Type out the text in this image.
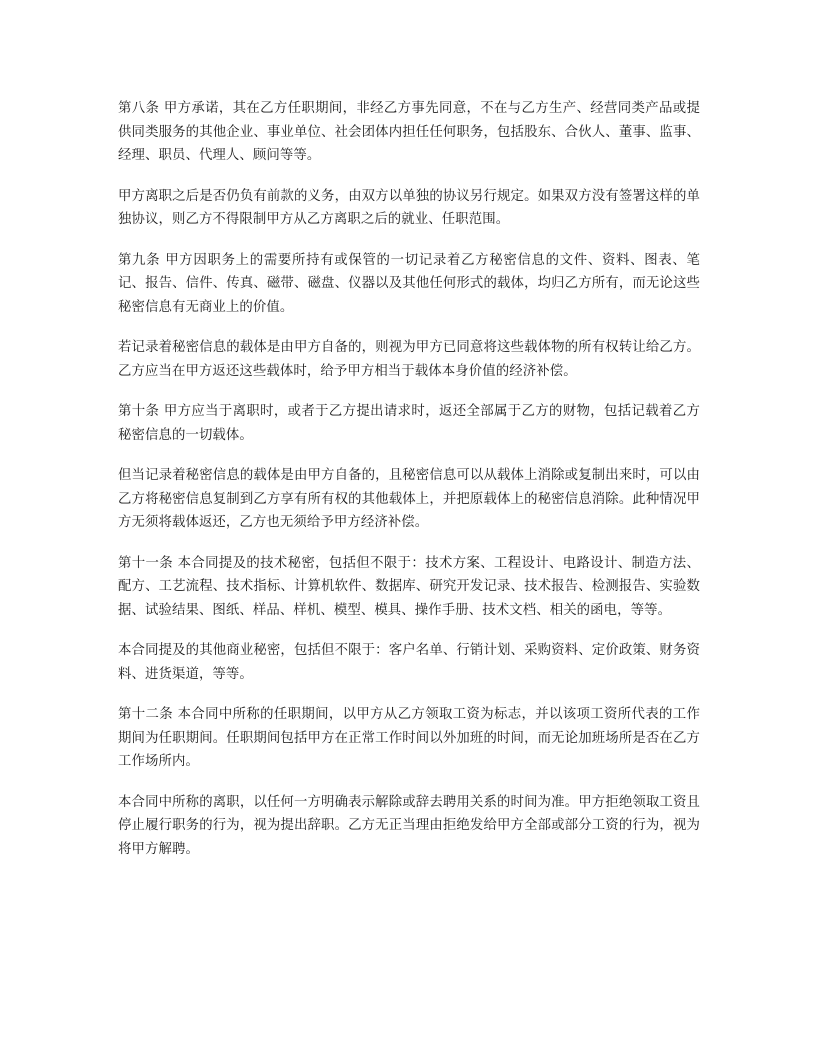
第八条 甲方承诺，其在乙方任职期间，非经乙方事先同意，不在与乙方生产、经营同类产品或提供同类服务的其他企业、事业单位、社会团体内担任任何职务，包括股东、合伙人、董事、监事、经理、职员、代理人、顾问等等。

甲方离职之后是否仍负有前款的义务，由双方以单独的协议另行规定。如果双方没有签署这样的单独协议，则乙方不得限制甲方从乙方离职之后的就业、任职范围。

第九条 甲方因职务上的需要所持有或保管的一切记录着乙方秘密信息的文件、资料、图表、笔记、报告、信件、传真、磁带、磁盘、仪器以及其他任何形式的载体，均归乙方所有，而无论这些秘密信息有无商业上的价值。

若记录着秘密信息的载体是由甲方自备的，则视为甲方已同意将这些载体物的所有权转让给乙方。乙方应当在甲方返还这些载体时，给予甲方相当于载体本身价值的经济补偿。

第十条 甲方应当于离职时，或者于乙方提出请求时，返还全部属于乙方的财物，包括记载着乙方秘密信息的一切载体。

但当记录着秘密信息的载体是由甲方自备的，且秘密信息可以从载体上消除或复制出来时，可以由乙方将秘密信息复制到乙方享有所有权的其他载体上，并把原载体上的秘密信息消除。此种情况甲方无须将载体返还，乙方也无须给予甲方经济补偿。

第十一条 本合同提及的技术秘密，包括但不限于：技术方案、工程设计、电路设计、制造方法、配方、工艺流程、技术指标、计算机软件、数据库、研究开发记录、技术报告、检测报告、实验数据、试验结果、图纸、样品、样机、模型、模具、操作手册、技术文档、相关的函电，等等。

本合同提及的其他商业秘密，包括但不限于：客户名单、行销计划、采购资料、定价政策、财务资料、进货渠道，等等。

第十二条 本合同中所称的任职期间，以甲方从乙方领取工资为标志，并以该项工资所代表的工作期间为任职期间。任职期间包括甲方在正常工作时间以外加班的时间，而无论加班场所是否在乙方工作场所内。

本合同中所称的离职，以任何一方明确表示解除或辞去聘用关系的时间为准。甲方拒绝领取工资且停止履行职务的行为，视为提出辞职。乙方无正当理由拒绝发给甲方全部或部分工资的行为，视为将甲方解聘。
